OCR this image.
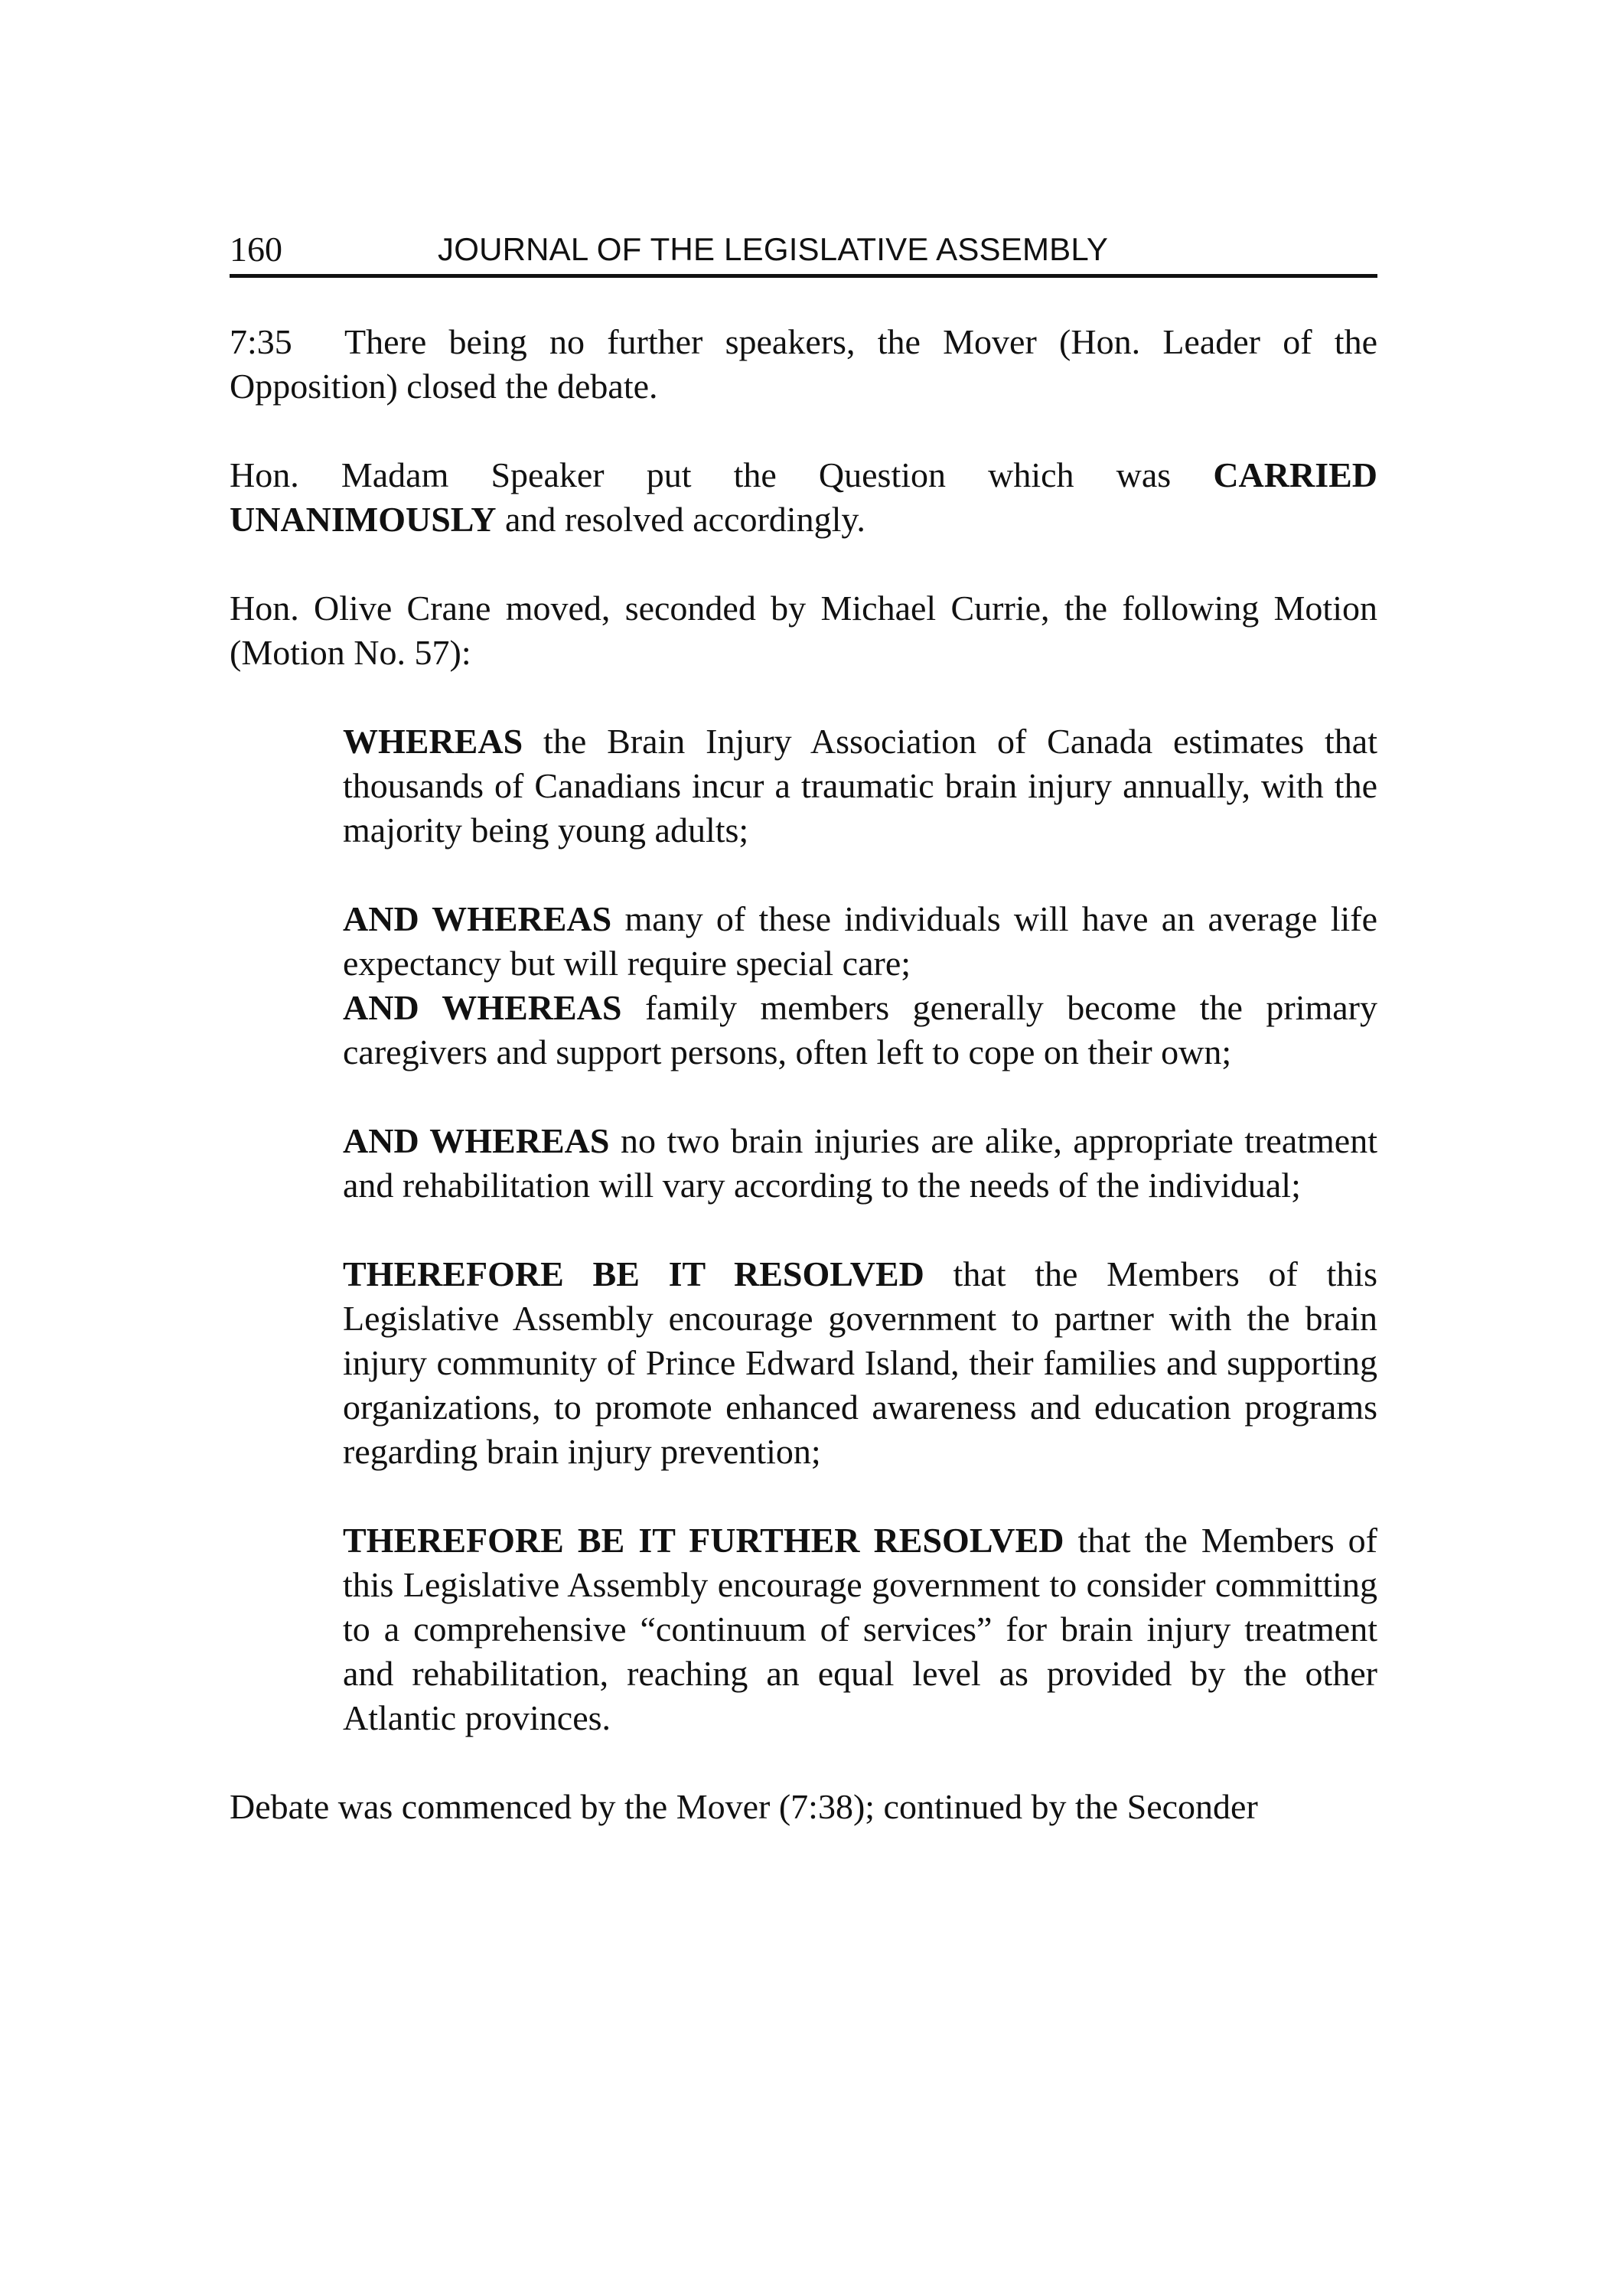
160	JOURNAL OF THE LEGISLATIVE ASSEMBLY

7:35 There being no further speakers, the Mover (Hon. Leader of the Opposition) closed the debate.

Hon. Madam Speaker put the Question which was CARRIED UNANIMOUSLY and resolved accordingly.

Hon. Olive Crane moved, seconded by Michael Currie, the following Motion (Motion No. 57):

WHEREAS the Brain Injury Association of Canada estimates that thousands of Canadians incur a traumatic brain injury annually, with the majority being young adults;

AND WHEREAS many of these individuals will have an average life expectancy but will require special care;

AND WHEREAS family members generally become the primary caregivers and support persons, often left to cope on their own;

AND WHEREAS no two brain injuries are alike, appropriate treatment and rehabilitation will vary according to the needs of the individual;

THEREFORE BE IT RESOLVED that the Members of this Legislative Assembly encourage government to partner with the brain injury community of Prince Edward Island, their families and supporting organizations, to promote enhanced awareness and education programs regarding brain injury prevention;

THEREFORE BE IT FURTHER RESOLVED that the Members of this Legislative Assembly encourage government to consider committing to a comprehensive “continuum of services” for brain injury treatment and rehabilitation, reaching an equal level as provided by the other Atlantic provinces.

Debate was commenced by the Mover (7:38); continued by the Seconder
